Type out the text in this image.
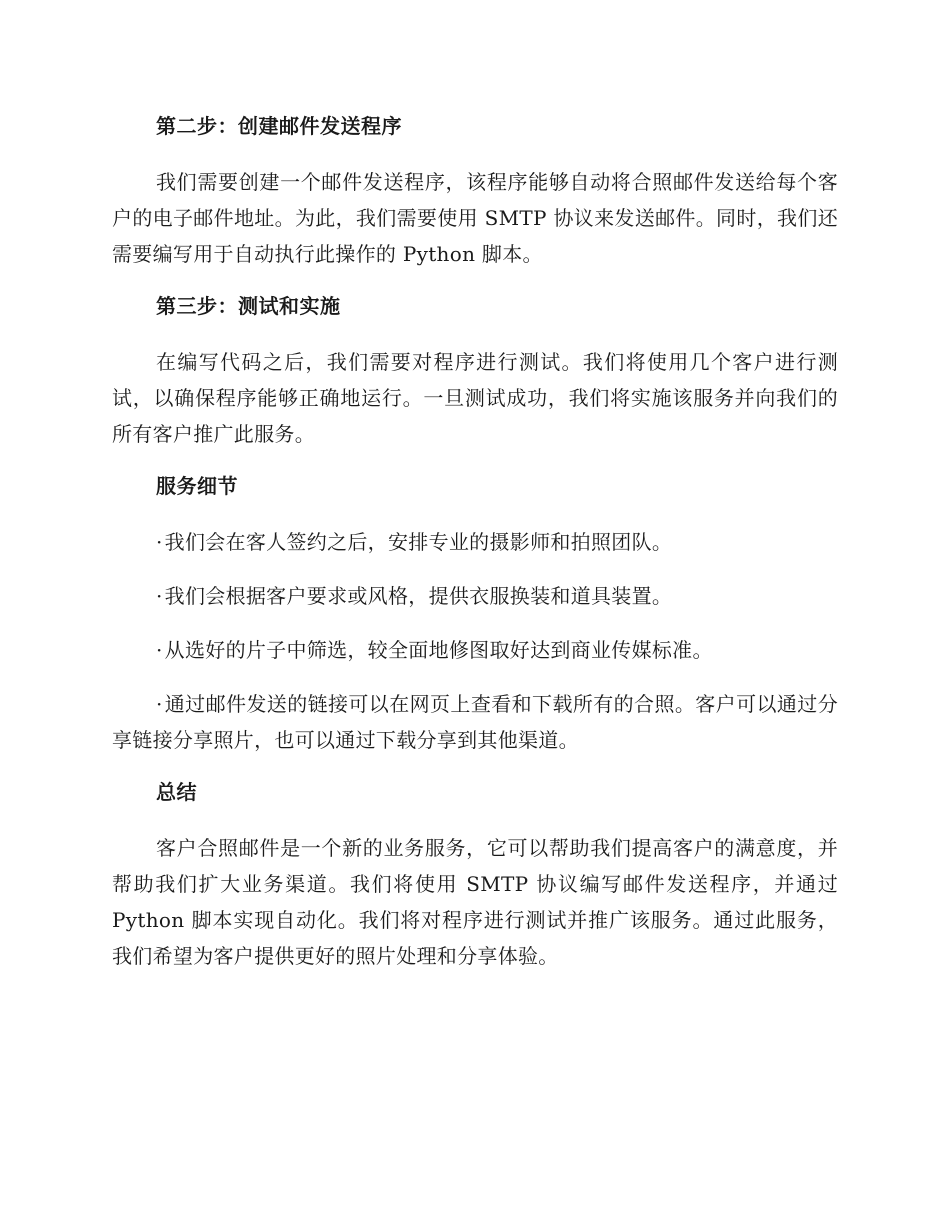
第二步：创建邮件发送程序

我们需要创建一个邮件发送程序，该程序能够自动将合照邮件发送给每个客户的电子邮件地址。为此，我们需要使用 SMTP 协议来发送邮件。同时，我们还需要编写用于自动执行此操作的 Python 脚本。

第三步：测试和实施

在编写代码之后，我们需要对程序进行测试。我们将使用几个客户进行测试，以确保程序能够正确地运行。一旦测试成功，我们将实施该服务并向我们的所有客户推广此服务。

服务细节

· 我们会在客人签约之后，安排专业的摄影师和拍照团队。

· 我们会根据客户要求或风格，提供衣服换装和道具装置。

· 从选好的片子中筛选，较全面地修图取好达到商业传媒标准。

· 通过邮件发送的链接可以在网页上查看和下载所有的合照。客户可以通过分享链接分享照片，也可以通过下载分享到其他渠道。

总结

客户合照邮件是一个新的业务服务，它可以帮助我们提高客户的满意度，并帮助我们扩大业务渠道。我们将使用 SMTP 协议编写邮件发送程序，并通过 Python 脚本实现自动化。我们将对程序进行测试并推广该服务。通过此服务，我们希望为客户提供更好的照片处理和分享体验。
